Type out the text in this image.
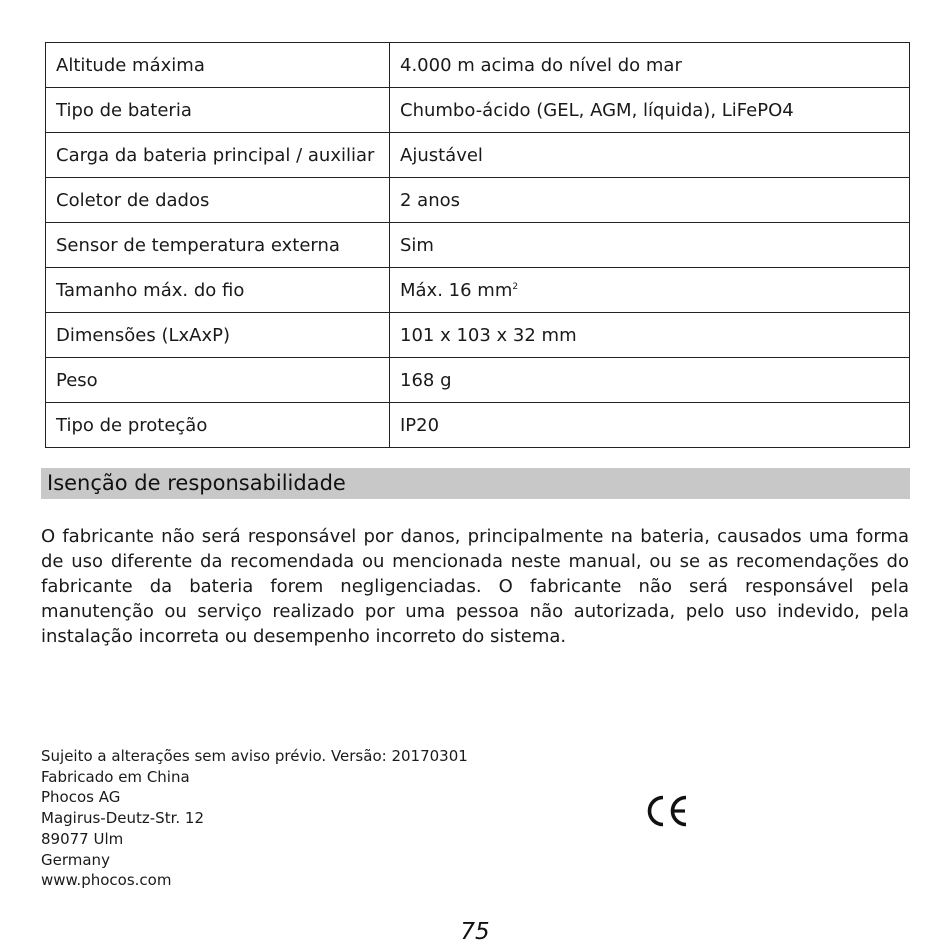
Altitude máxima	4.000 m acima do nível do mar
Tipo de bateria	Chumbo-ácido (GEL, AGM, líquida), LiFePO4
Carga da bateria principal / auxiliar	Ajustável
Coletor de dados	2 anos
Sensor de temperatura externa	Sim
Tamanho máx. do fio	Máx. 16 $mm^2$
Dimensões (LxAxP)	101 x 103 x 32 mm
Peso	168 g
Tipo de proteção	IP20
Isenção de responsabilidade

O fabricante não será responsável por danos, principalmente na bateria, causados uma forma de uso diferente da recomendada ou mencionada neste manual, ou se as recomendações do fabricante da bateria forem negligenciadas. O fabricante não será responsável pela manutenção ou serviço realizado por uma pessoa não autorizada, pelo uso indevido, pela instalação incorreta ou desempenho incorreto do sistema.

Sujeito a alterações sem aviso prévio. Versão: 20170301
Fabricado em China
Phocos AG
Magirus-Deutz-Str. 12
89077 Ulm
Germany
www.phocos.com
75
